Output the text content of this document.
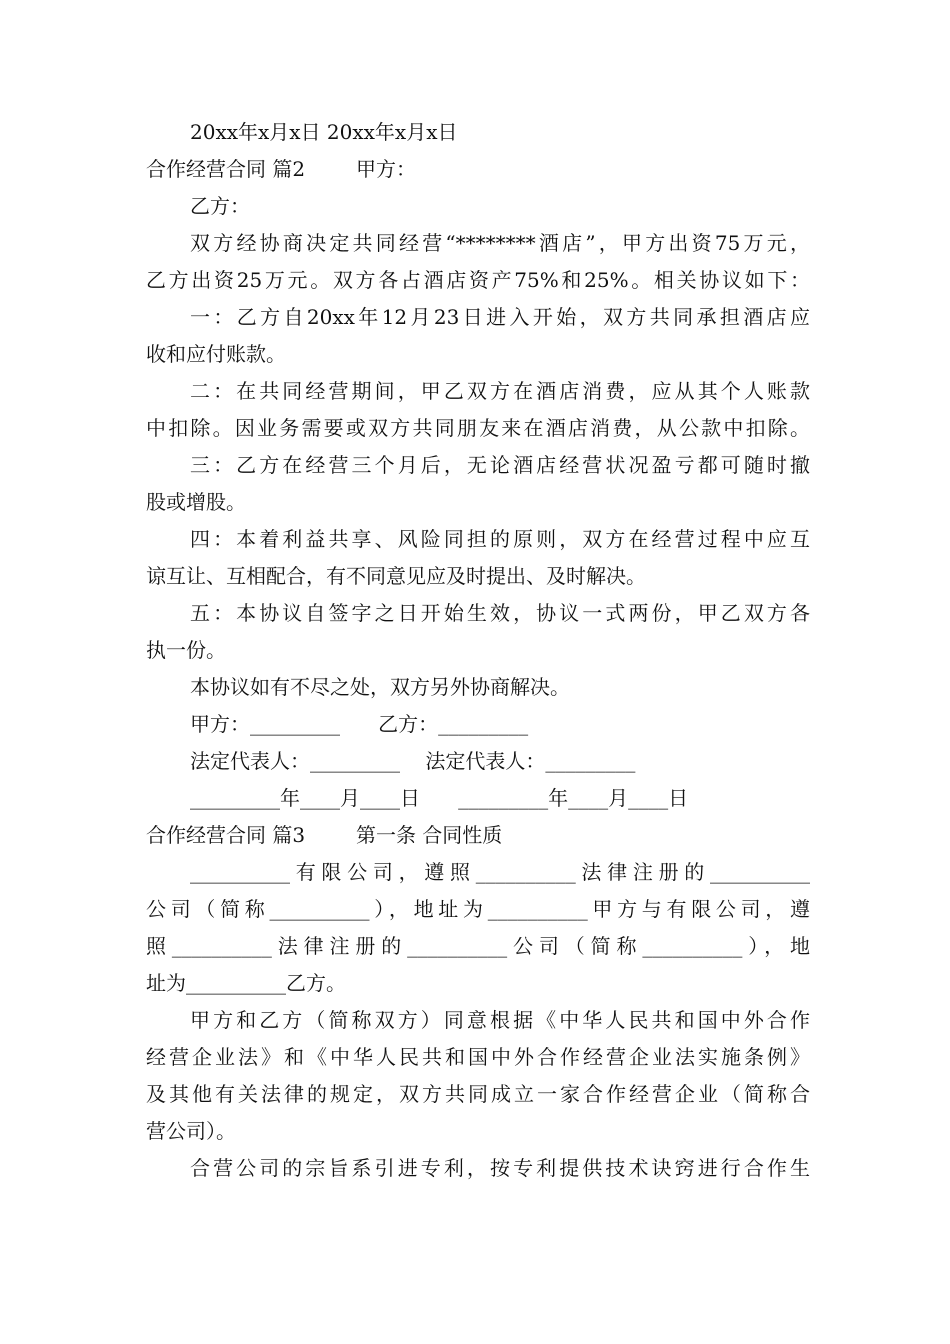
20xx年x月x日 20xx年x月x日
合作经营合同 篇2        甲方：
乙方：
双方经协商决定共同经营“********酒店”，甲方出资75万元，
乙方出资25万元。双方各占酒店资产75%和25%。相关协议如下：
一：乙方自20xx年12月23日进入开始，双方共同承担酒店应
收和应付账款。
二：在共同经营期间，甲乙双方在酒店消费，应从其个人账款
中扣除。因业务需要或双方共同朋友来在酒店消费，从公款中扣除。
三：乙方在经营三个月后，无论酒店经营状况盈亏都可随时撤
股或增股。
四：本着利益共享、风险同担的原则，双方在经营过程中应互
谅互让、互相配合，有不同意见应及时提出、及时解决。
五：本协议自签字之日开始生效，协议一式两份，甲乙双方各
执一份。
本协议如有不尽之处，双方另外协商解决。
甲方：_________      乙方：_________
法定代表人：_________    法定代表人：_________
_________年____月____日      _________年____月____日
合作经营合同 篇3        第一条 合同性质
__________有限公司，遵照__________法律注册的__________
公司（简称__________），地址为__________甲方与有限公司，遵
照__________法律注册的__________公司（简称__________），地
址为__________乙方。
甲方和乙方（简称双方）同意根据《中华人民共和国中外合作
经营企业法》和《中华人民共和国中外合作经营企业法实施条例》
及其他有关法律的规定，双方共同成立一家合作经营企业（简称合
营公司）。
合营公司的宗旨系引进专利，按专利提供技术诀窍进行合作生
